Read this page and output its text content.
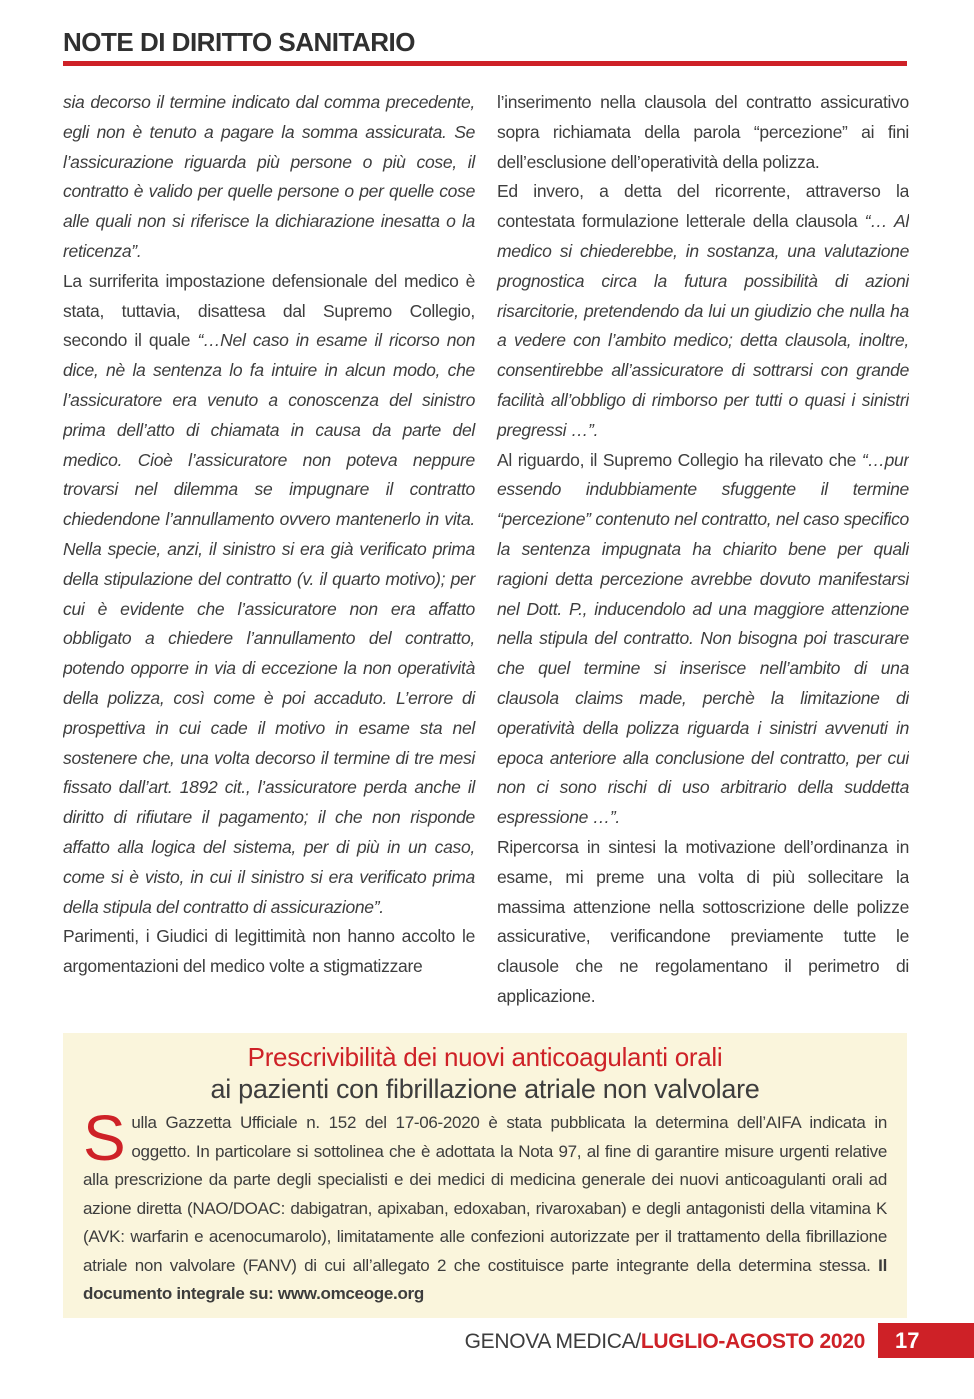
NOTE DI DIRITTO SANITARIO

sia decorso il termine indicato dal comma precedente, egli non è tenuto a pagare la somma assicurata. Se l’assicurazione riguarda più persone o più cose, il contratto è valido per quelle persone o per quelle cose alle quali non si riferisce la dichiarazione inesatta o la reticenza”.

La surriferita impostazione defensionale del medico è stata, tuttavia, disattesa dal Supremo Collegio, secondo il quale “…Nel caso in esame il ricorso non dice, nè la sentenza lo fa intuire in alcun modo, che l’assicuratore era venuto a conoscenza del sinistro prima dell’atto di chiamata in causa da parte del medico. Cioè l’assicuratore non poteva neppure trovarsi nel dilemma se impugnare il contratto chiedendone l’annullamento ovvero mantenerlo in vita. Nella specie, anzi, il sinistro si era già verificato prima della stipulazione del contratto (v. il quarto motivo); per cui è evidente che l’assicuratore non era affatto obbligato a chiedere l’annullamento del contratto, potendo opporre in via di eccezione la non operatività della polizza, così come è poi accaduto. L’errore di prospettiva in cui cade il motivo in esame sta nel sostenere che, una volta decorso il termine di tre mesi fissato dall’art. 1892 cit., l’assicuratore perda anche il diritto di rifiutare il pagamento; il che non risponde affatto alla logica del sistema, per di più in un caso, come si è visto, in cui il sinistro si era verificato prima della stipula del contratto di assicurazione”.

Parimenti, i Giudici di legittimità non hanno accolto le argomentazioni del medico volte a stigmatizzare

l’inserimento nella clausola del contratto assicurativo sopra richiamata della parola “percezione” ai fini dell’esclusione dell’operatività della polizza.

Ed invero, a detta del ricorrente, attraverso la contestata formulazione letterale della clausola “… Al medico si chiederebbe, in sostanza, una valutazione prognostica circa la futura possibilità di azioni risarcitorie, pretendendo da lui un giudizio che nulla ha a vedere con l’ambito medico; detta clausola, inoltre, consentirebbe all’assicuratore di sottrarsi con grande facilità all’obbligo di rimborso per tutti o quasi i sinistri pregressi …”.

Al riguardo, il Supremo Collegio ha rilevato che “…pur essendo indubbiamente sfuggente il termine “percezione” contenuto nel contratto, nel caso specifico la sentenza impugnata ha chiarito bene per quali ragioni detta percezione avrebbe dovuto manifestarsi nel Dott. P., inducendolo ad una maggiore attenzione nella stipula del contratto. Non bisogna poi trascurare che quel termine si inserisce nell’ambito di una clausola claims made, perchè la limitazione di operatività della polizza riguarda i sinistri avvenuti in epoca anteriore alla conclusione del contratto, per cui non ci sono rischi di uso arbitrario della suddetta espressione …”.

Ripercorsa in sintesi la motivazione dell’ordinanza in esame, mi preme una volta di più sollecitare la massima attenzione nella sottoscrizione delle polizze assicurative, verificandone previamente tutte le clausole che ne regolamentano il perimetro di applicazione.

Prescrivibilità dei nuovi anticoagulanti orali
ai pazienti con fibrillazione atriale non valvolare

Sulla Gazzetta Ufficiale n. 152 del 17-06-2020 è stata pubblicata la determina dell’AIFA indicata in oggetto. In particolare si sottolinea che è adottata la Nota 97, al fine di garantire misure urgenti relative alla prescrizione da parte degli specialisti e dei medici di medicina generale dei nuovi anticoagulanti orali ad azione diretta (NAO/DOAC: dabigatran, apixaban, edoxaban, rivaroxaban) e degli antagonisti della vitamina K (AVK: warfarin e acenocumarolo), limitatamente alle confezioni autorizzate per il trattamento della fibrillazione atriale non valvolare (FANV) di cui all’allegato 2 che costituisce parte integrante della determina stessa. Il documento integrale su: www.omceoge.org

GENOVA MEDICA/LUGLIO-AGOSTO 2020 17
